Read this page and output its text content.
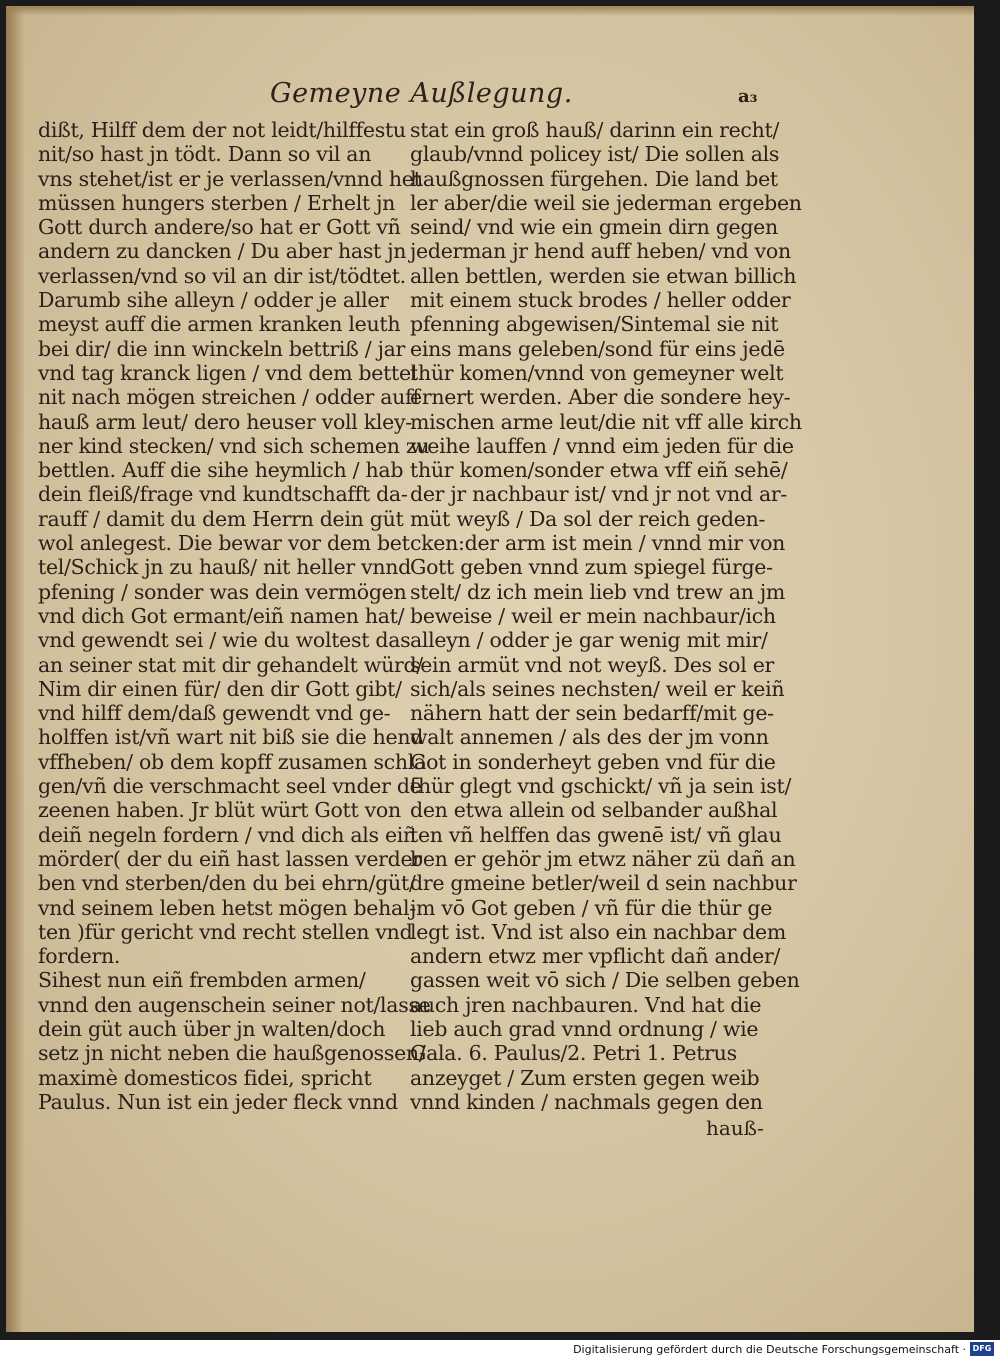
Gemeyne Außlegung.	a₃
dißt, Hilff dem der not leidt/hilffestu
nit/so hast jn tödt. Dann so vil an
vns stehet/ist er je verlassen/vnnd het
müssen hungers sterben / Erhelt jn
Gott durch andere/so hat er Gott vñ
andern zu dancken / Du aber hast jn
verlassen/vnd so vil an dir ist/tödtet.
Darumb sihe alleyn / odder je aller
meyst auff die armen kranken leuth
bei dir/ die inn winckeln bettriß / jar
vnd tag kranck ligen / vnd dem bettel
nit nach mögen streichen / odder auff
hauß arm leut/ dero heuser voll kley-
ner kind stecken/ vnd sich schemen zu
bettlen. Auff die sihe heymlich / hab
dein fleiß/frage vnd kundtschafft da-
rauff / damit du dem Herrn dein güt
wol anlegest. Die bewar vor dem bet
tel/Schick jn zu hauß/ nit heller vnnd
pfening / sonder was dein vermögen
vnd dich Got ermant/eiñ namen hat/
vnd gewendt sei / wie du woltest das
an seiner stat mit dir gehandelt würd/
Nim dir einen für/ den dir Gott gibt/
vnd hilff dem/daß gewendt vnd ge-
holffen ist/vñ wart nit biß sie die hend
vffheben/ ob dem kopff zusamen schla
gen/vñ die verschmacht seel vnder dē
zeenen haben. Jr blüt würt Gott von
deiñ negeln fordern / vnd dich als eiñ
mörder( der du eiñ hast lassen verder
ben vnd sterben/den du bei ehrn/güt/
vnd seinem leben hetst mögen behal-
ten )für gericht vnd recht stellen vnd
fordern.
Sihest nun eiñ frembden armen/
vnnd den augenschein seiner not/lasse
dein güt auch über jn walten/doch
setz jn nicht neben die haußgenossen/
maximè domesticos fidei, spricht
Paulus. Nun ist ein jeder fleck vnnd
stat ein groß hauß/ darinn ein recht/
glaub/vnnd policey ist/ Die sollen als
haußgnossen fürgehen. Die land bet
ler aber/die weil sie jederman ergeben
seind/ vnd wie ein gmein dirn gegen
jederman jr hend auff heben/ vnd von
allen bettlen, werden sie etwan billich
mit einem stuck brodes / heller odder
pfenning abgewisen/Sintemal sie nit
eins mans geleben/sond für eins jedē
thür komen/vnnd von gemeyner welt
ernert werden. Aber die sondere hey-
mischen arme leut/die nit vff alle kirch
weihe lauffen / vnnd eim jeden für die
thür komen/sonder etwa vff eiñ sehē/
der jr nachbaur ist/ vnd jr not vnd ar-
müt weyß / Da sol der reich geden-
cken:der arm ist mein / vnnd mir von
Gott geben vnnd zum spiegel fürge-
stelt/ dz ich mein lieb vnd trew an jm
beweise / weil er mein nachbaur/ich
alleyn / odder je gar wenig mit mir/
sein armüt vnd not weyß. Des sol er
sich/als seines nechsten/ weil er keiñ
nähern hatt der sein bedarff/mit ge-
walt annemen / als des der jm vonn
Got in sonderheyt geben vnd für die
thür glegt vnd gschickt/ vñ ja sein ist/
den etwa allein od selbander außhal
ten vñ helffen das gwenē ist/ vñ glau
ben er gehör jm etwz näher zü dañ an
dre gmeine betler/weil d sein nachbur
jm vō Got geben / vñ für die thür ge
legt ist. Vnd ist also ein nachbar dem
andern etwz mer vpflicht dañ ander/
gassen weit vō sich / Die selben geben
auch jren nachbauren. Vnd hat die
lieb auch grad vnnd ordnung / wie
Gala. 6. Paulus/2. Petri 1. Petrus
anzeyget / Zum ersten gegen weib
vnnd kinden / nachmals gegen den
hauß-
Digitalisierung gefördert durch die Deutsche Forschungsgemeinschaft · DFG
